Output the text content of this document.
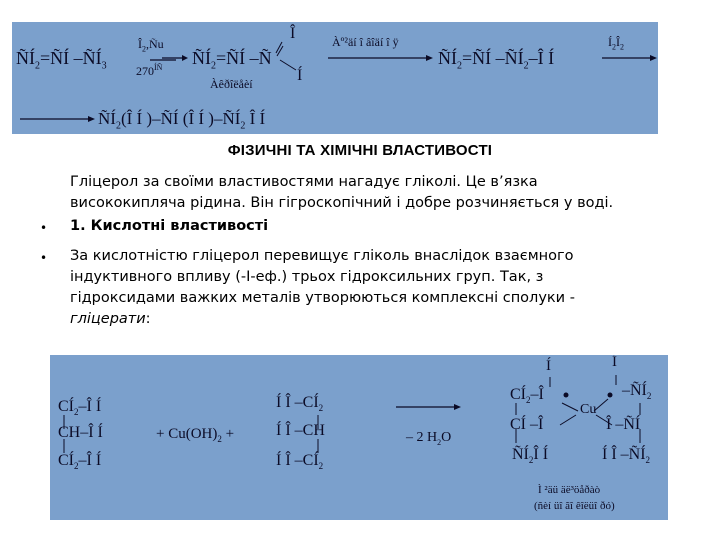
$ÑÍ_2=ÑÍ$ $-ÑÍ_3$
$Î_2,Ñu$
$270^{ÍÑ}$ $ÑÍ_2=ÑÍ$ –Ñ
Î
Í
Àêðîëåèí
Àº²äí î âîäí î ÿ
$ÑÍ_2=ÑÍ$ $-ÑÍ_2-Î$ Í
$Í_2Î_2$
$ÑÍ_2(Î$ Í )–ÑÍ (Î Í )$-ÑÍ_2$ Î Í
ФІЗИЧНІ ТА ХІМІЧНІ ВЛАСТИВОСТІ
Гліцерол за своїми властивостями нагадує гліколі. Це в’язка
висококипляча рідина. Він гігроскопічний і добре розчиняється у воді.
• 1. Кислотні властивості
• За кислотністю гліцерол перевищує гліколь внаслідок взаємного
індуктивного впливу (-І-еф.) трьох гідроксильних груп. Так, з
гідроксидами важких металів утворюються комплексні сполуки -
гліцерати:
$CÍ_2-Î$ Í
CH–Î Í
$CÍ_2-Î$ Í
+ $Cu(OH)_2$ +
Í Î $-CÍ_2$
Í Î –CH
Í Î $-CÍ_2$
– 2 $H_2O$
Í	Í
$CÍ_2-Î$
Cu
$-ÑÍ_2$
CÍ –Î	Î –ÑÍ
$ÑÍ_2Î$ Í	Í Î $-ÑÍ_2$
Ì ²äü äë³öåðàò
(ñèí üî ãî êîëüî ðó)
